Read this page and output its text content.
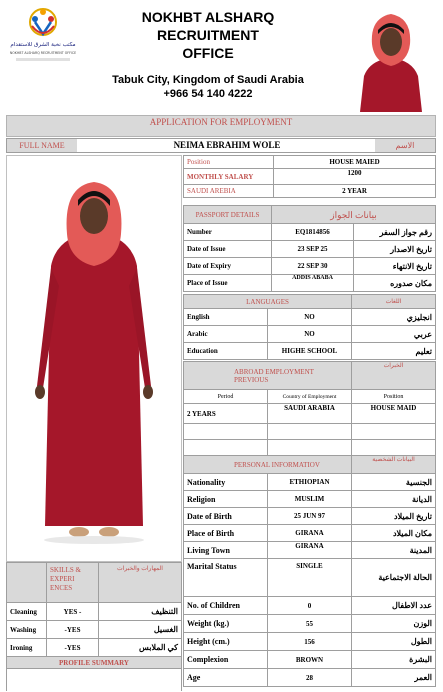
مكتب نخبة الشرق للاستقدام
NOKHBT ALSHARQ RECRUITMENT OFFICE
NOKHBT ALSHARQ
RECRUITMENT
OFFICE
Tabuk City, Kingdom of Saudi Arabia
+966 54 140 4222
APPLICATION FOR EMPLOYMENT
FULL NAME	NEIMA EBRAHIM WOLE	الاسم
Position	HOUSE MAIED
MONTHLY SALARY	1200
SAUDI AREBIA	2 YEAR
PASSPORT DETAILS	بيانات الجواز	
Number	EQ1814856	رقم جواز السفر
Date of Issue	23 SEP 25	تاريخ الاصدار
Date of Expiry	22 SEP 30	تاريخ الانتهاء
Place of Issue	ADDIS ABABA	مكان صدوره
LANGUAGES		اللغات
English	NO	انجليزي
Arabic	NO	عربي
Education	HIGHE SCHOOL	تعليم
ABROAD EMPLOYMENT PREVIOUS		الخبرات
Period	Country of Employment	Position
2 YEARS	SAUDI ARABIA	HOUSE MAID

PERSONAL INFORMATIOV		البيانات الشخصية
Nationality	ETHIOPIAN	الجنسية
Religion	MUSLIM	الديانة
Date of Birth	25 JUN 97	تاريخ الميلاد
Place of Birth	GIRANA	مكان الميلاد
Living Town	GIRANA	المدينة
Marital Status	SINGLE	الحالة الاجتماعية
No. of Children	0	عدد الاطفال
Weight (kg.)	55	الوزن
Height (cm.)	156	الطول
Complexion	BROWN	البشرة
Age	28	العمر
	SKILLS & EXPERI ENCES	المهارات والخبرات
Cleaning	YES -	التنظيف
Washing	-YES	الغسيل
Ironing	-YES	كي الملابس
PROFILE SUMMARY		
